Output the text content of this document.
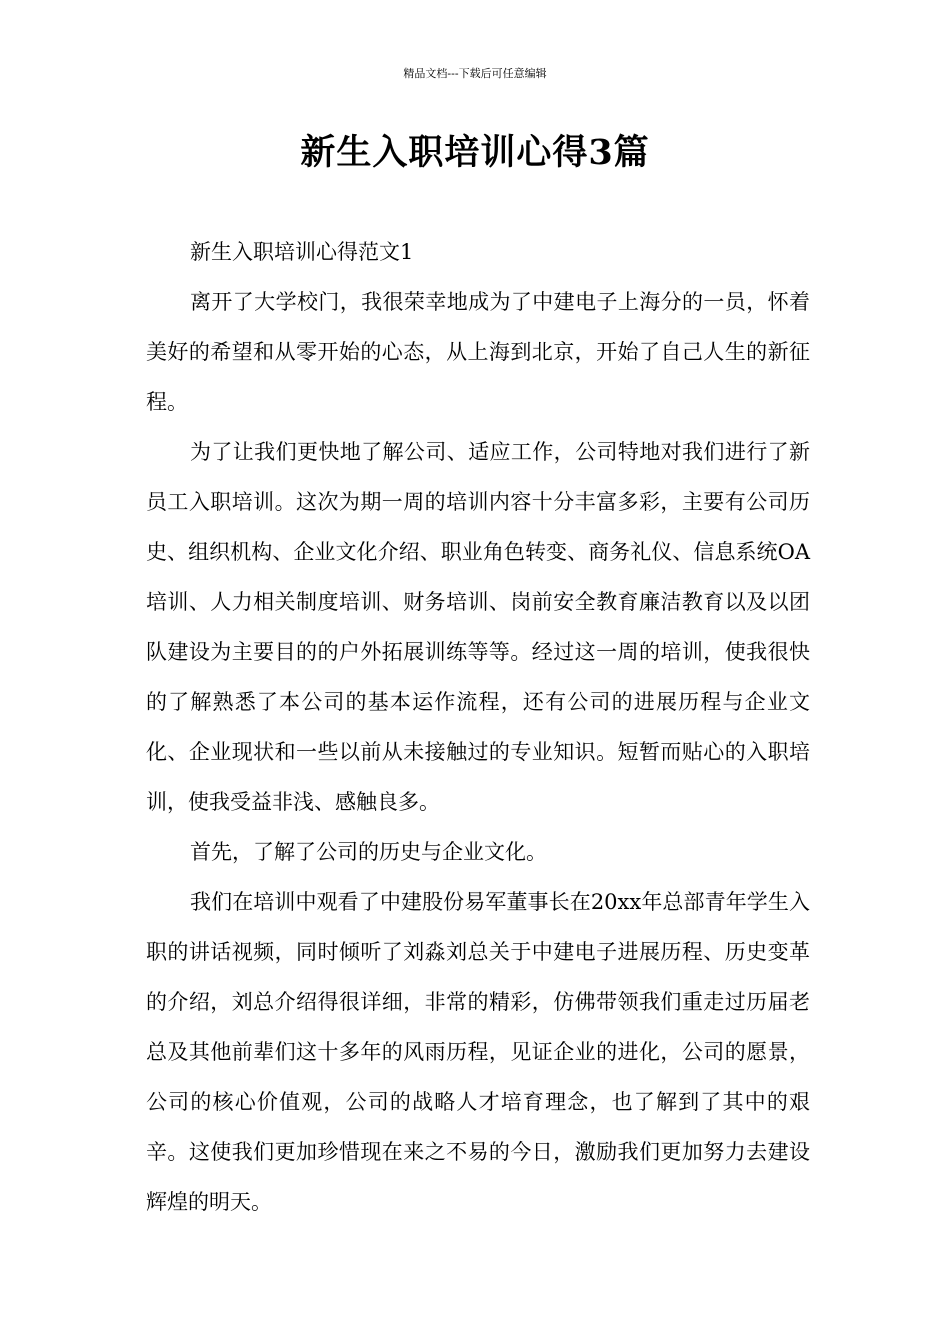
精品文档---下载后可任意编辑
新生入职培训心得3篇

新生入职培训心得范文1

离开了大学校门，我很荣幸地成为了中建电子上海分的一员，怀着美好的希望和从零开始的心态，从上海到北京，开始了自己人生的新征程。

为了让我们更快地了解公司、适应工作，公司特地对我们进行了新员工入职培训。这次为期一周的培训内容十分丰富多彩，主要有公司历史、组织机构、企业文化介绍、职业角色转变、商务礼仪、信息系统OA培训、人力相关制度培训、财务培训、岗前安全教育廉洁教育以及以团队建设为主要目的的户外拓展训练等等。经过这一周的培训，使我很快的了解熟悉了本公司的基本运作流程，还有公司的进展历程与企业文化、企业现状和一些以前从未接触过的专业知识。短暂而贴心的入职培训，使我受益非浅、感触良多。

首先，了解了公司的历史与企业文化。

我们在培训中观看了中建股份易军董事长在20xx年总部青年学生入职的讲话视频，同时倾听了刘淼刘总关于中建电子进展历程、历史变革的介绍，刘总介绍得很详细，非常的精彩，仿佛带领我们重走过历届老总及其他前辈们这十多年的风雨历程，见证企业的进化，公司的愿景，公司的核心价值观，公司的战略人才培育理念，也了解到了其中的艰辛。这使我们更加珍惜现在来之不易的今日，激励我们更加努力去建设辉煌的明天。
